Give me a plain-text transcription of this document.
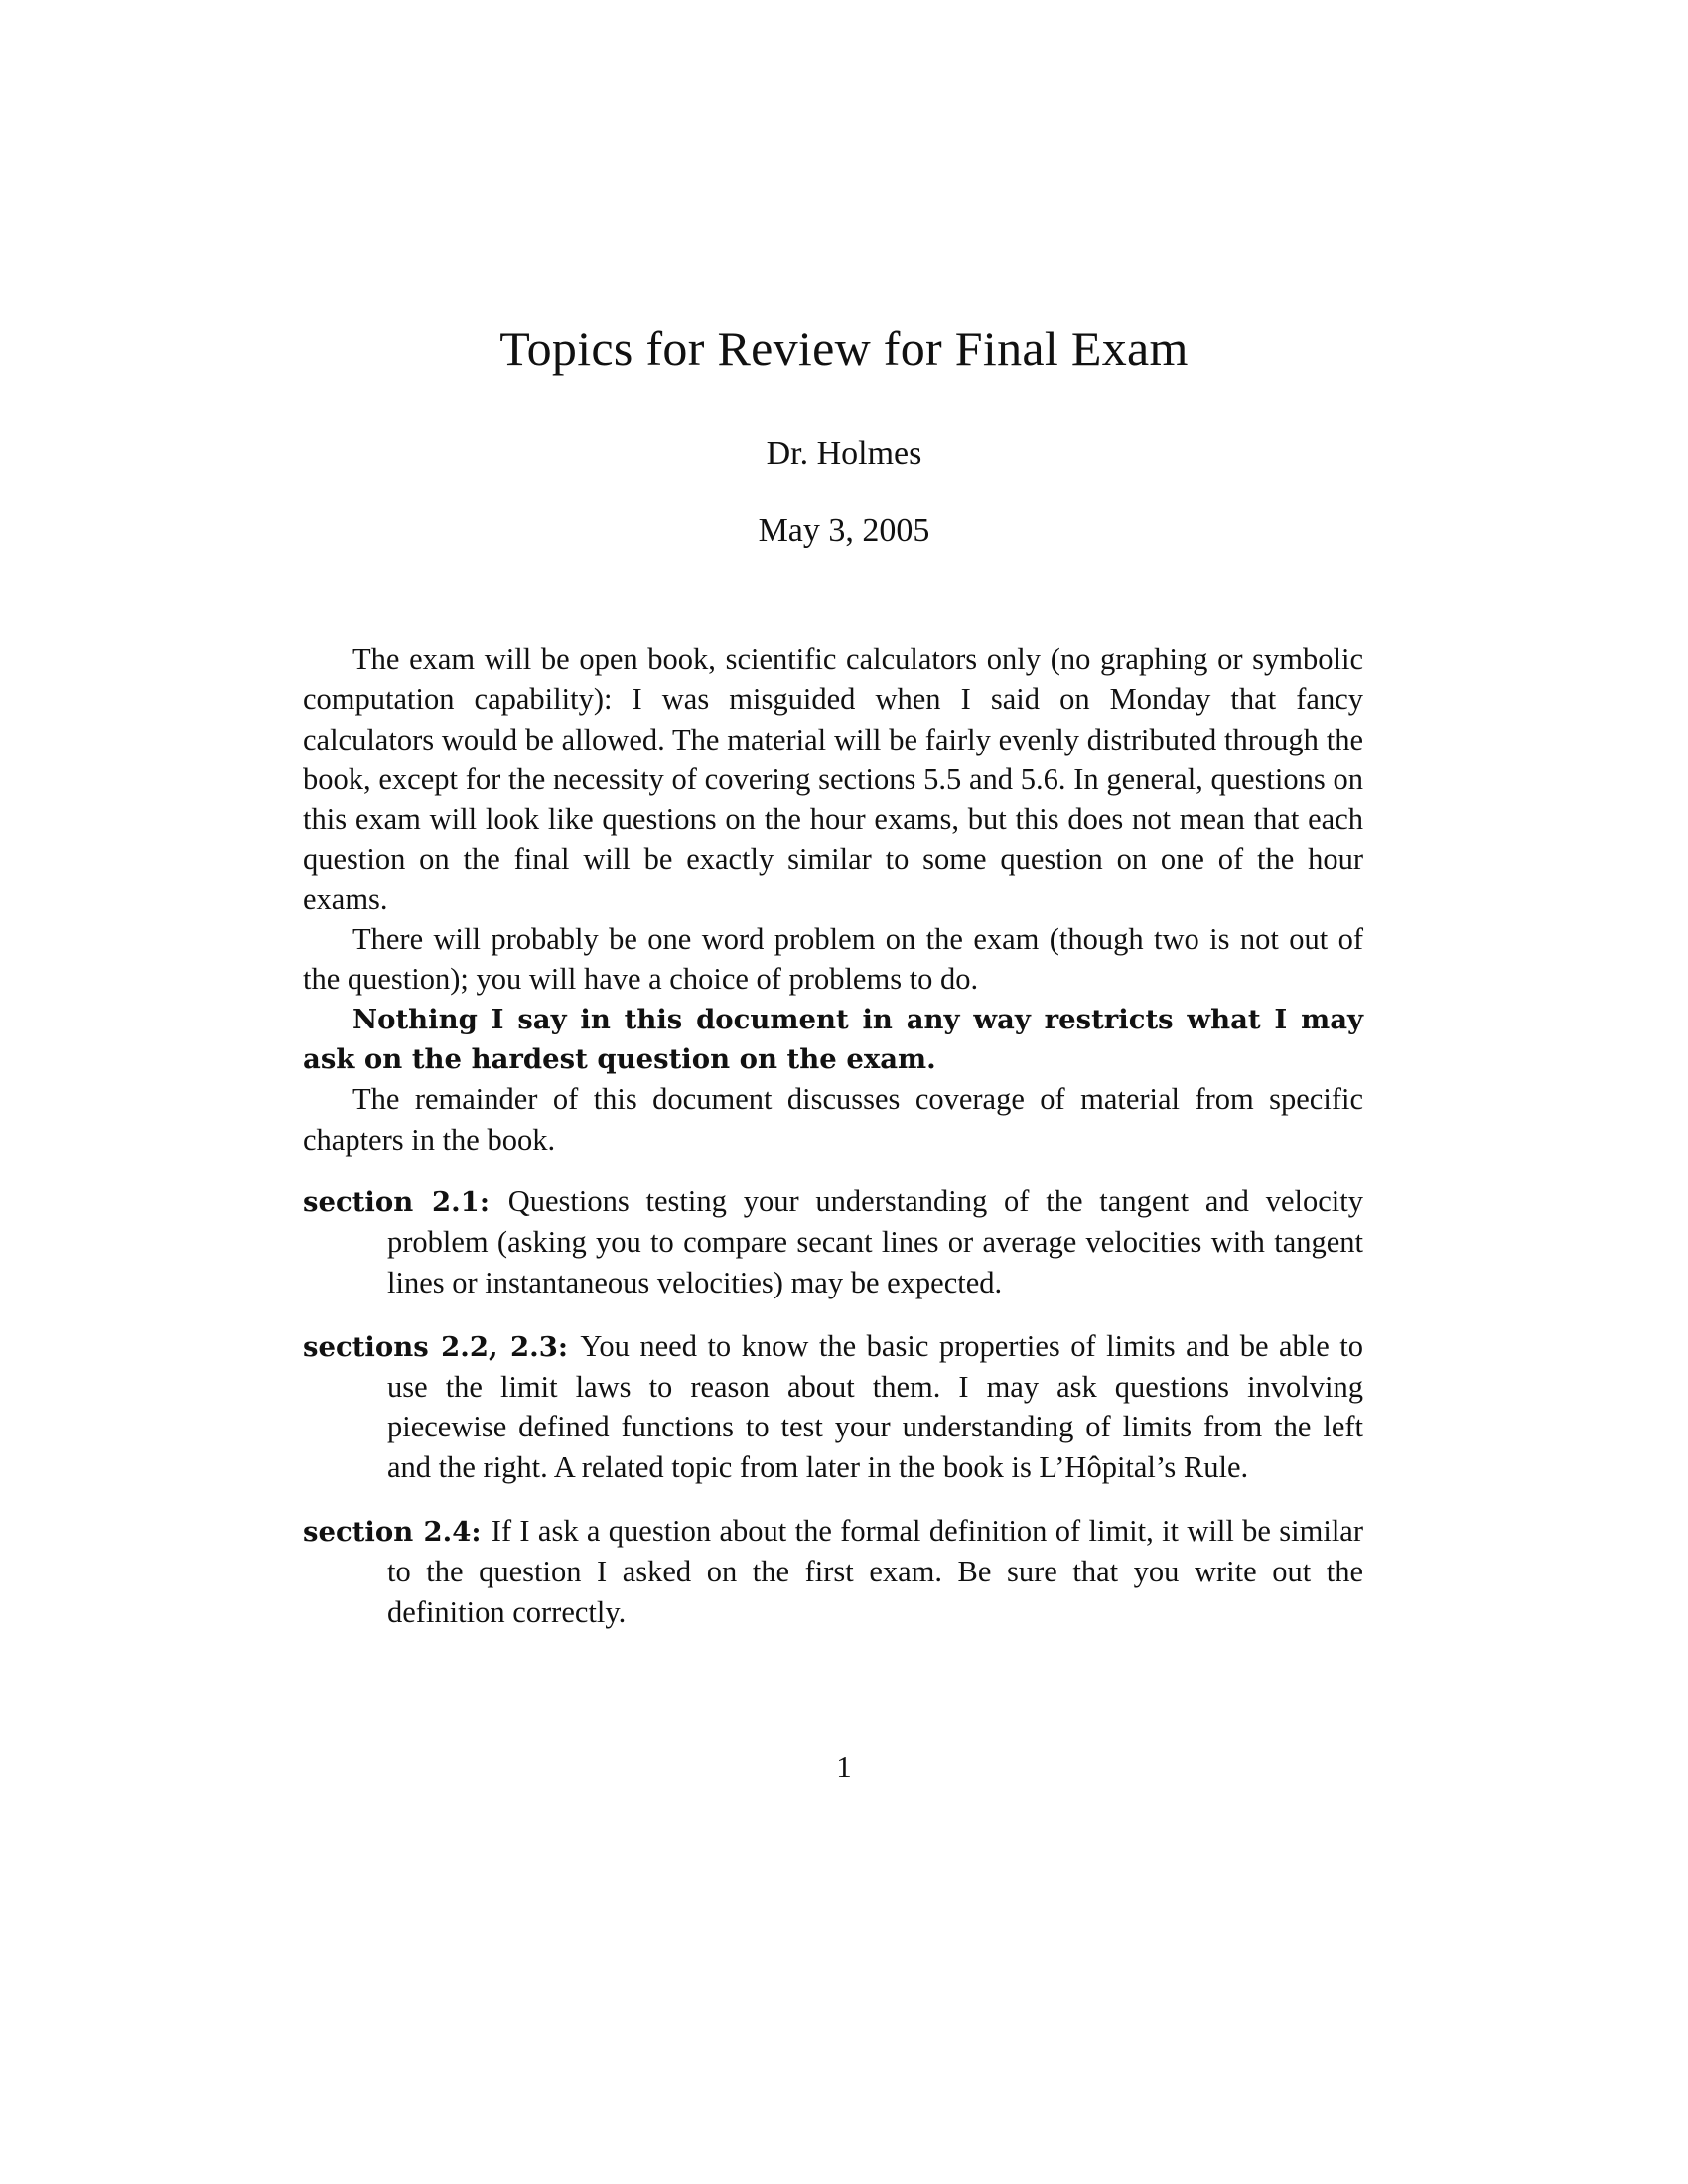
Topics for Review for Final Exam
Dr. Holmes
May 3, 2005

The exam will be open book, scientific calculators only (no graphing or symbolic computation capability): I was misguided when I said on Monday that fancy calculators would be allowed. The material will be fairly evenly distributed through the book, except for the necessity of covering sections 5.5 and 5.6. In general, questions on this exam will look like questions on the hour exams, but this does not mean that each question on the final will be exactly similar to some question on one of the hour exams.

There will probably be one word problem on the exam (though two is not out of the question); you will have a choice of problems to do.

Nothing I say in this document in any way restricts what I may ask on the hardest question on the exam.

The remainder of this document discusses coverage of material from specific chapters in the book.

section 2.1: Questions testing your understanding of the tangent and velocity problem (asking you to compare secant lines or average velocities with tangent lines or instantaneous velocities) may be expected.
sections 2.2, 2.3: You need to know the basic properties of limits and be able to use the limit laws to reason about them. I may ask questions involving piecewise defined functions to test your understanding of limits from the left and the right. A related topic from later in the book is L’Hôpital’s Rule.
section 2.4: If I ask a question about the formal definition of limit, it will be similar to the question I asked on the first exam. Be sure that you write out the definition correctly.
1
